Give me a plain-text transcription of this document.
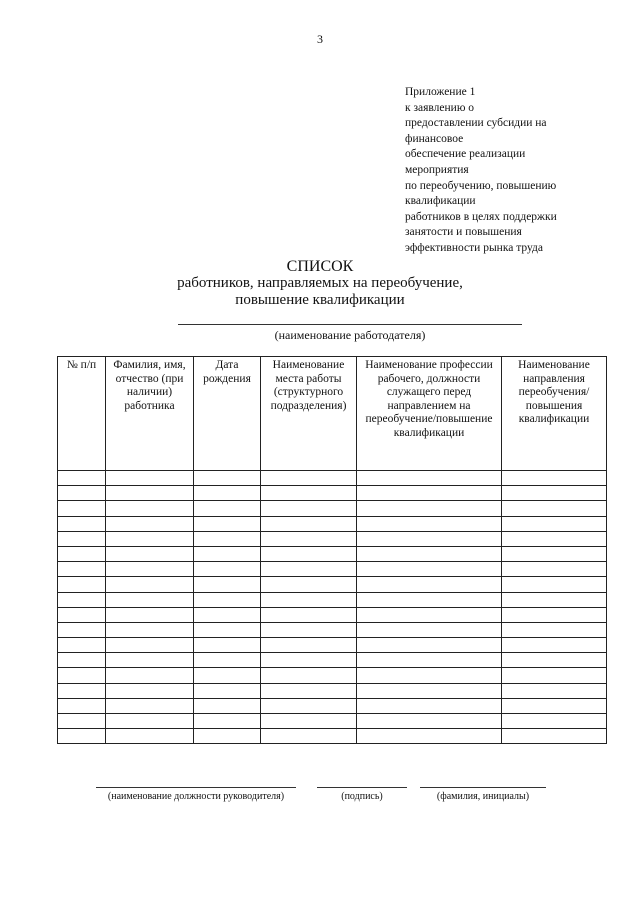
3
Приложение 1
к заявлению о
предоставлении субсидии на
финансовое
обеспечение реализации
мероприятия
по переобучению, повышению
квалификации
работников в целях поддержки
занятости и повышения
эффективности рынка труда
СПИСОК
работников, направляемых на переобучение,
повышение квалификации
(наименование работодателя)
№ п/п	Фамилия, имя, отчество (при наличии) работника	Дата рождения	Наименование места работы (структурного подразделения)	Наименование профессии рабочего, должности служащего перед направлением на переобучение/повышение квалификации	Наименование направления переобучения/ повышения квалификации

(наименование должности руководителя)	(подпись)	(фамилия, инициалы)
